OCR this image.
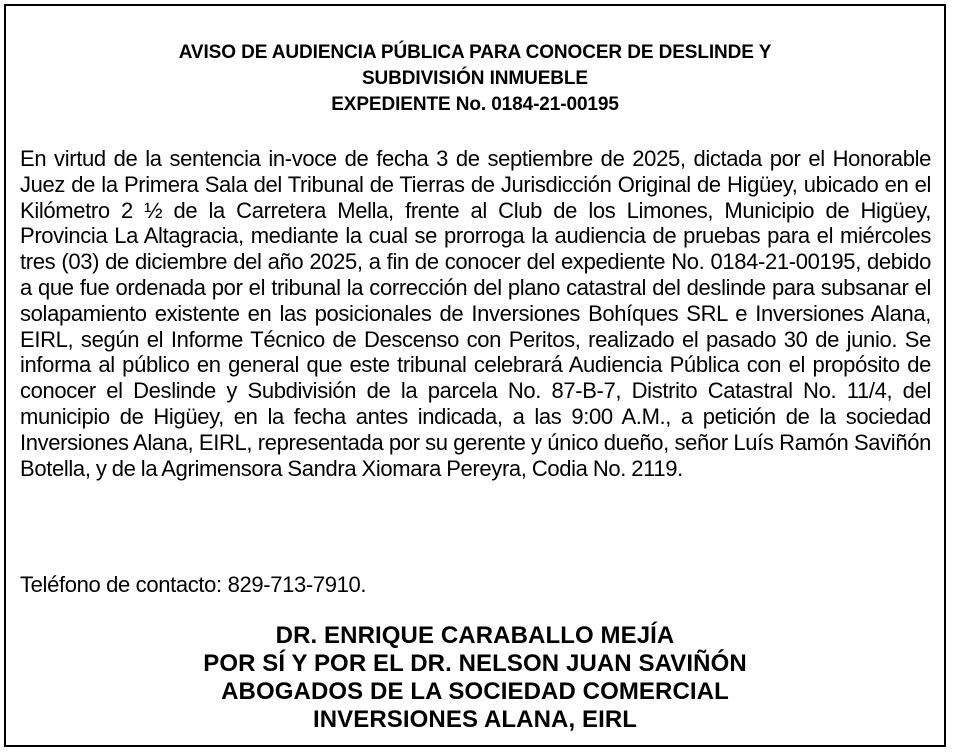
AVISO DE AUDIENCIA PÚBLICA PARA CONOCER DE DESLINDE Y
SUBDIVISIÓN INMUEBLE
EXPEDIENTE No. 0184-21-00195
En virtud de la sentencia in-voce de fecha 3 de septiembre de 2025, dictada por el Honorable Juez de la Primera Sala del Tribunal de Tierras de Jurisdicción Original de Higüey, ubicado en el Kilómetro 2 ½ de la Carretera Mella, frente al Club de los Limones, Municipio de Higüey, Provincia La Altagracia, mediante la cual se prorroga la audiencia de pruebas para el miércoles tres (03) de diciembre del año 2025, a fin de conocer del expediente No. 0184-21-00195, debido a que fue ordenada por el tribunal la corrección del plano catastral del deslinde para subsanar el solapamiento existente en las posicionales de Inversiones Bohíques SRL e Inversiones Alana, EIRL, según el Informe Técnico de Descenso con Peritos, realizado el pasado 30 de junio. Se informa al público en general que este tribunal celebrará Audiencia Pública con el propósito de conocer el Deslinde y Subdivisión de la parcela No. 87-B-7, Distrito Catastral No. 11/4, del municipio de Higüey, en la fecha antes indicada, a las 9:00 A.M., a petición de la sociedad Inversiones Alana, EIRL, representada por su gerente y único dueño, señor Luís Ramón Saviñón Botella, y de la Agrimensora Sandra Xiomara Pereyra, Codia No. 2119.
Teléfono de contacto: 829-713-7910.
DR. ENRIQUE CARABALLO MEJÍA
POR SÍ Y POR EL DR. NELSON JUAN SAVIÑÓN
ABOGADOS DE LA SOCIEDAD COMERCIAL
INVERSIONES ALANA, EIRL
